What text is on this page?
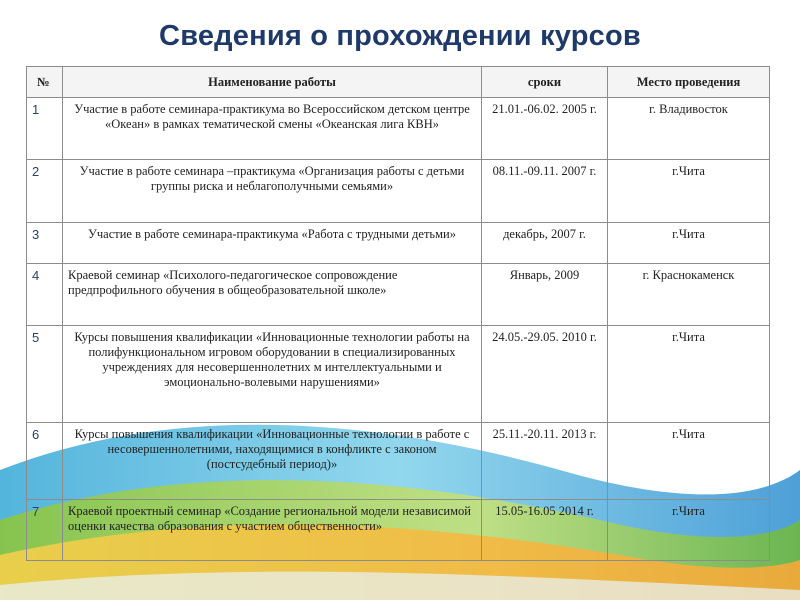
Сведения о прохождении курсов
№	Наименование работы	сроки	Место проведения
1	Участие в работе семинара-практикума во Всероссийском детском центре «Океан» в рамках тематической смены «Океанская лига КВН»	21.01.-06.02. 2005 г.	г. Владивосток
2	Участие в работе семинара –практикума «Организация работы с детьми группы риска и неблагополучными семьями»	08.11.-09.11. 2007 г.	г.Чита
3	Участие в работе семинара-практикума «Работа с трудными детьми»	декабрь, 2007 г.	г.Чита
4	Краевой семинар «Психолого-педагогическое сопровождение предпрофильного обучения в общеобразовательной школе»	Январь, 2009	г. Краснокаменск
5	Курсы повышения квалификации «Инновационные технологии работы на полифункциональном игровом оборудовании в специализированных учреждениях для несовершеннолетних м интеллектуальными и эмоционально-волевыми нарушениями»	24.05.-29.05. 2010 г.	г.Чита
6	Курсы повышения квалификации «Инновационные технологии в работе с несовершеннолетними, находящимися в конфликте с законом (постсудебный период)»	25.11.-20.11. 2013 г.	г.Чита
7	Краевой проектный семинар «Создание региональной модели независимой оценки качества образования с участием общественности»	15.05-16.05 2014 г.	г.Чита
